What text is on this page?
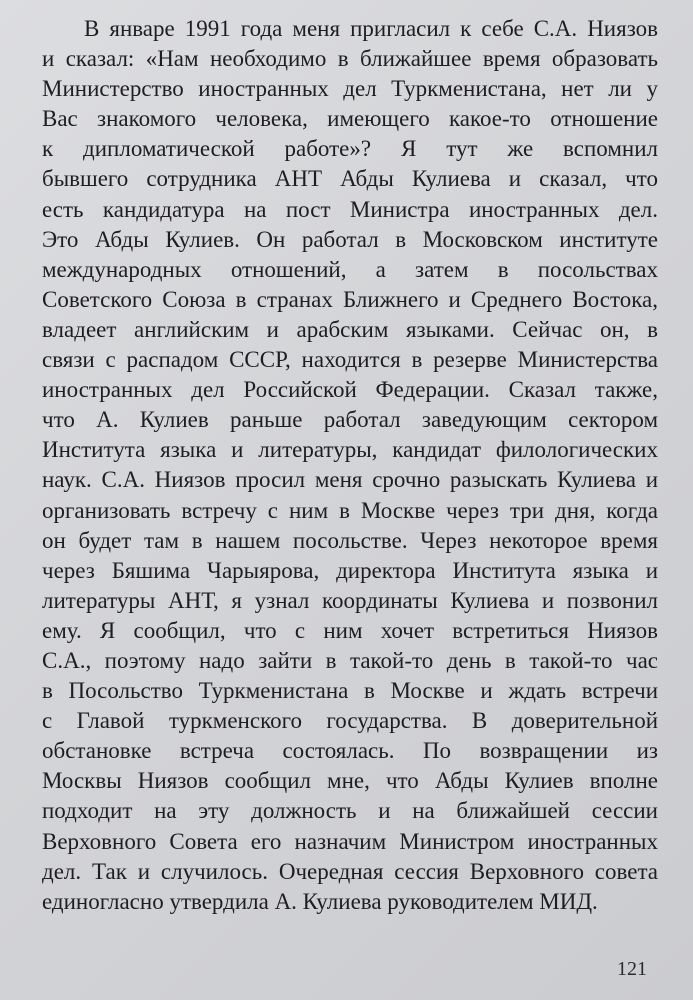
В январе 1991 года меня пригласил к себе С.А. Ниязов
и сказал: «Нам необходимо в ближайшее время образовать
Министерство иностранных дел Туркменистана, нет ли у
Вас знакомого человека, имеющего какое-то отношение
к дипломатической работе»? Я тут же вспомнил
бывшего сотрудника АНТ Абды Кулиева и сказал, что
есть кандидатура на пост Министра иностранных дел.
Это Абды Кулиев. Он работал в Московском институте
международных отношений, а затем в посольствах
Советского Союза в странах Ближнего и Среднего Востока,
владеет английским и арабским языками. Сейчас он, в
связи с распадом СССР, находится в резерве Министерства
иностранных дел Российской Федерации. Сказал также,
что А. Кулиев раньше работал заведующим сектором
Института языка и литературы, кандидат филологических
наук. С.А. Ниязов просил меня срочно разыскать Кулиева и
организовать встречу с ним в Москве через три дня, когда
он будет там в нашем посольстве. Через некоторое время
через Бяшима Чарыярова, директора Института языка и
литературы АНТ, я узнал координаты Кулиева и позвонил
ему. Я сообщил, что с ним хочет встретиться Ниязов
С.А., поэтому надо зайти в такой-то день в такой-то час
в Посольство Туркменистана в Москве и ждать встречи
с Главой туркменского государства. В доверительной
обстановке встреча состоялась. По возвращении из
Москвы Ниязов сообщил мне, что Абды Кулиев вполне
подходит на эту должность и на ближайшей сессии
Верховного Совета его назначим Министром иностранных
дел. Так и случилось. Очередная сессия Верховного совета
единогласно утвердила А. Кулиева руководителем МИД.
121
